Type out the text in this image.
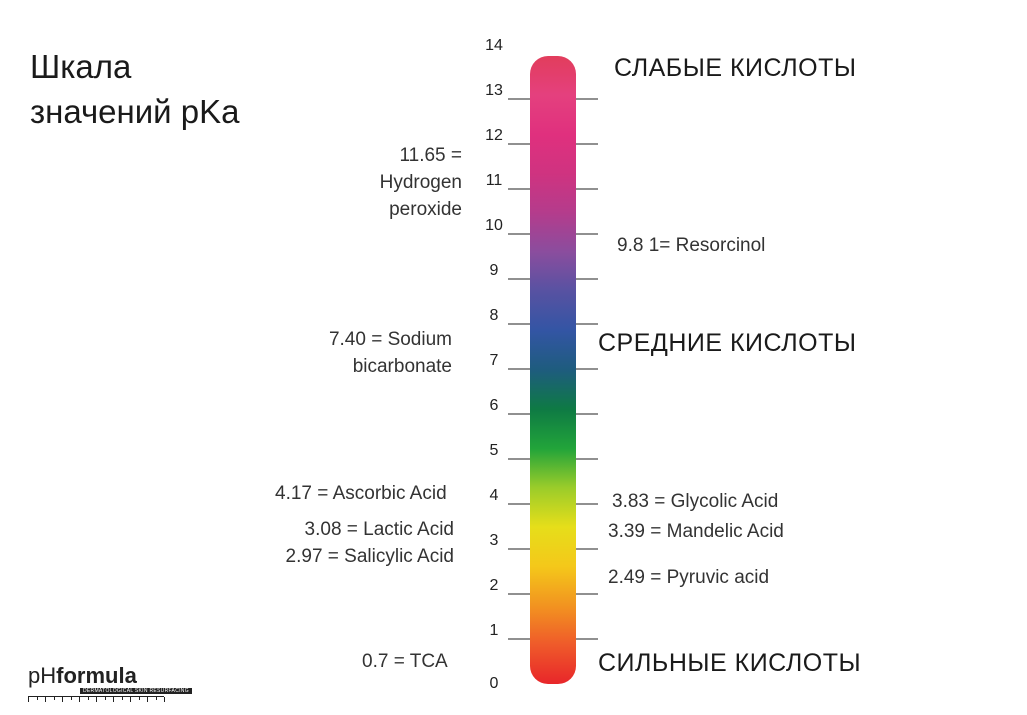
Шкала
значений pKa
0
1
2
3
4
5
6
7
8
9
10
11
12
13
14
СЛАБЫЕ КИСЛОТЫ
СРЕДНИЕ КИСЛОТЫ
СИЛЬНЫЕ КИСЛОТЫ
11.65 =
Hydrogen
peroxide
7.40 = Sodium
bicarbonate
4.17 = Ascorbic Acid
3.08 = Lactic Acid
2.97 = Salicylic Acid
0.7 = TCA
9.8 1= Resorcinol
3.83 = Glycolic Acid
3.39 = Mandelic Acid
2.49 = Pyruvic acid
pHformula
DERMATOLOGICAL SKIN RESURFACING
